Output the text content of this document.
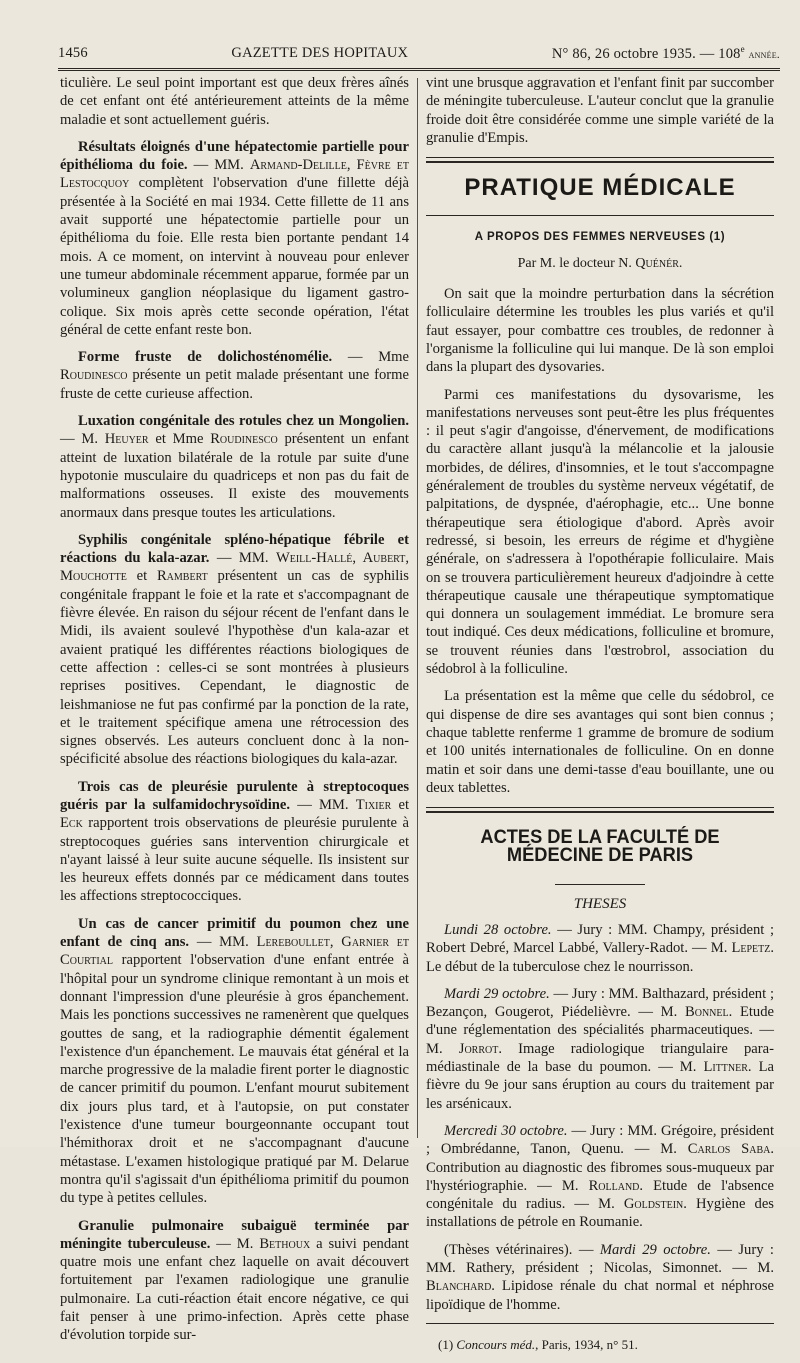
1456	GAZETTE DES HOPITAUX	N° 86, 26 octobre 1935. — 108e année.

ticulière. Le seul point important est que deux frères aînés de cet enfant ont été antérieurement atteints de la même maladie et sont actuellement guéris.

Résultats éloignés d'une hépatectomie partielle pour épithélioma du foie. — MM. Armand-Delille, Fèvre et Lestocquoy complètent l'observation d'une fillette déjà présentée à la Société en mai 1934. Cette fillette de 11 ans avait supporté une hépatectomie partielle pour un épithélioma du foie. Elle resta bien portante pendant 14 mois. A ce moment, on intervint à nouveau pour enlever une tumeur abdominale récemment apparue, formée par un volumineux ganglion néoplasique du ligament gastro-colique. Six mois après cette seconde opération, l'état général de cette enfant reste bon.

Forme fruste de dolichosténomélie. — Mme Roudinesco présente un petit malade présentant une forme fruste de cette curieuse affection.

Luxation congénitale des rotules chez un Mongolien. — M. Heuyer et Mme Roudinesco présentent un enfant atteint de luxation bilatérale de la rotule par suite d'une hypotonie musculaire du quadriceps et non pas du fait de malformations osseuses. Il existe des mouvements anormaux dans presque toutes les articulations.

Syphilis congénitale spléno-hépatique fébrile et réactions du kala-azar. — MM. Weill-Hallé, Aubert, Mouchotte et Rambert présentent un cas de syphilis congénitale frappant le foie et la rate et s'accompagnant de fièvre élevée. En raison du séjour récent de l'enfant dans le Midi, ils avaient soulevé l'hypothèse d'un kala-azar et avaient pratiqué les différentes réactions biologiques de cette affection : celles-ci se sont montrées à plusieurs reprises positives. Cependant, le diagnostic de leishmaniose ne fut pas confirmé par la ponction de la rate, et le traitement spécifique amena une rétrocession des signes observés. Les auteurs concluent donc à la non-spécificité absolue des réactions biologiques du kala-azar.

Trois cas de pleurésie purulente à streptocoques guéris par la sulfamidochrysoïdine. — MM. Tixier et Eck rapportent trois observations de pleurésie purulente à streptocoques guéries sans intervention chirurgicale et n'ayant laissé à leur suite aucune séquelle. Ils insistent sur les heureux effets donnés par ce médicament dans toutes les affections streptococciques.

Un cas de cancer primitif du poumon chez une enfant de cinq ans. — MM. Lereboullet, Garnier et Courtial rapportent l'observation d'une enfant entrée à l'hôpital pour un syndrome clinique remontant à un mois et donnant l'impression d'une pleurésie à gros épanchement. Mais les ponctions successives ne ramenèrent que quelques gouttes de sang, et la radiographie démentit également l'existence d'un épanchement. Le mauvais état général et la marche progressive de la maladie firent porter le diagnostic de cancer primitif du poumon. L'enfant mourut subitement dix jours plus tard, et à l'autopsie, on put constater l'existence d'une tumeur bourgeonnante occupant tout l'hémithorax droit et ne s'accompagnant d'aucune métastase. L'examen histologique pratiqué par M. Delarue montra qu'il s'agissait d'un épithélioma primitif du poumon du type à petites cellules.

Granulie pulmonaire subaiguë terminée par méningite tuberculeuse. — M. Bethoux a suivi pendant quatre mois une enfant chez laquelle on avait découvert fortuitement par l'examen radiologique une granulie pulmonaire. La cuti-réaction était encore négative, ce qui fait penser à une primo-infection. Après cette phase d'évolution torpide sur-

vint une brusque aggravation et l'enfant finit par succomber de méningite tuberculeuse. L'auteur conclut que la granulie froide doit être considérée comme une simple variété de la granulie d'Empis.

PRATIQUE MÉDICALE
A PROPOS DES FEMMES NERVEUSES (1)
Par M. le docteur N. Quénér.

On sait que la moindre perturbation dans la sécrétion folliculaire détermine les troubles les plus variés et qu'il faut essayer, pour combattre ces troubles, de redonner à l'organisme la folliculine qui lui manque. De là son emploi dans la plupart des dysovaries.

Parmi ces manifestations du dysovarisme, les manifestations nerveuses sont peut-être les plus fréquentes : il peut s'agir d'angoisse, d'énervement, de modifications du caractère allant jusqu'à la mélancolie et la jalousie morbides, de délires, d'insomnies, et le tout s'accompagne généralement de troubles du système nerveux végétatif, de palpitations, de dyspnée, d'aérophagie, etc... Une bonne thérapeutique sera étiologique d'abord. Après avoir redressé, si besoin, les erreurs de régime et d'hygiène générale, on s'adressera à l'opothérapie folliculaire. Mais on se trouvera particulièrement heureux d'adjoindre à cette thérapeutique causale une thérapeutique symptomatique qui donnera un soulagement immédiat. Le bromure sera tout indiqué. Ces deux médications, folliculine et bromure, se trouvent réunies dans l'œstrobrol, association du sédobrol à la folliculine.

La présentation est la même que celle du sédobrol, ce qui dispense de dire ses avantages qui sont bien connus ; chaque tablette renferme 1 gramme de bromure de sodium et 100 unités internationales de folliculine. On en donne matin et soir dans une demi-tasse d'eau bouillante, une ou deux tablettes.

ACTES DE LA FACULTÉ DE MÉDECINE DE PARIS
THESES

Lundi 28 octobre. — Jury : MM. Champy, président ; Robert Debré, Marcel Labbé, Vallery-Radot. — M. Lepetz. Le début de la tuberculose chez le nourrisson.

Mardi 29 octobre. — Jury : MM. Balthazard, président ; Bezançon, Gougerot, Piédelièvre. — M. Bonnel. Etude d'une réglementation des spécialités pharmaceutiques. — M. Jorrot. Image radiologique triangulaire para-médiastinale de la base du poumon. — M. Littner. La fièvre du 9e jour sans éruption au cours du traitement par les arsénicaux.

Mercredi 30 octobre. — Jury : MM. Grégoire, président ; Ombrédanne, Tanon, Quenu. — M. Carlos Saba. Contribution au diagnostic des fibromes sous-muqueux par l'hystériographie. — M. Rolland. Etude de l'absence congénitale du radius. — M. Goldstein. Hygiène des installations de pétrole en Roumanie.

(Thèses vétérinaires). — Mardi 29 octobre. — Jury : MM. Rathery, président ; Nicolas, Simonnet. — M. Blanchard. Lipidose rénale du chat normal et néphrose lipoïdique de l'homme.

(1) Concours méd., Paris, 1934, n° 51.
